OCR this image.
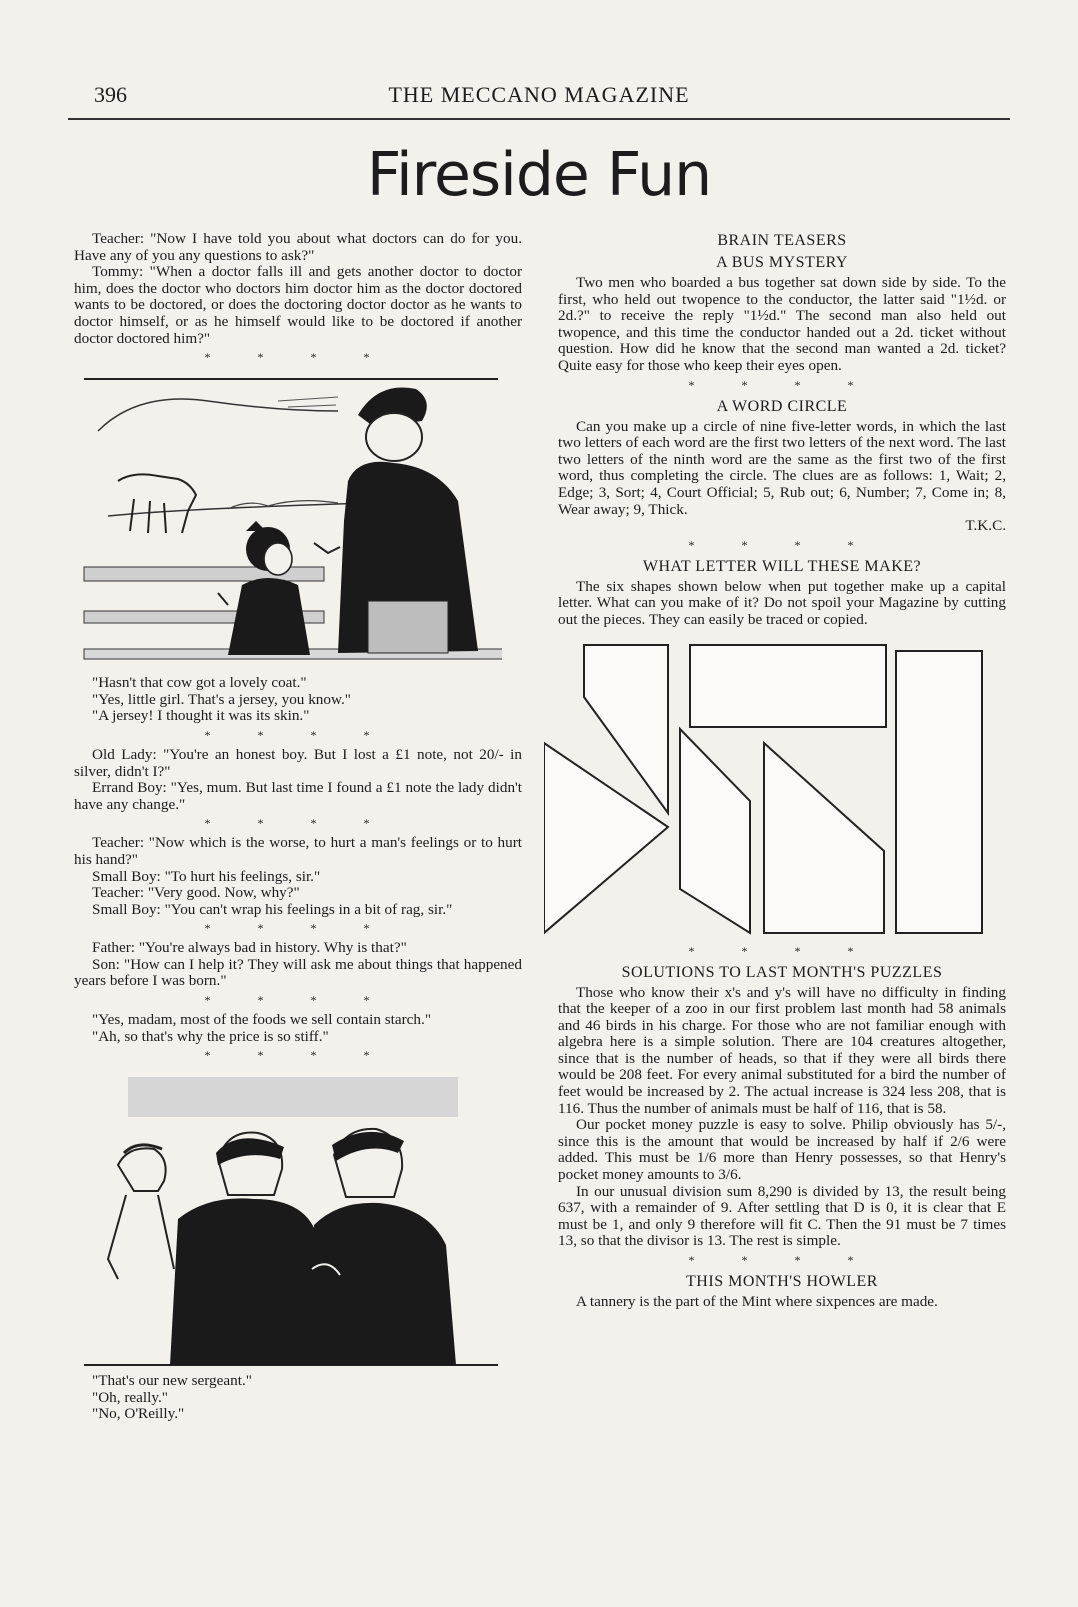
396	THE MECCANO MAGAZINE
Fireside Fun

Teacher: "Now I have told you about what doctors can do for you. Have any of you any questions to ask?"

Tommy: "When a doctor falls ill and gets another doctor to doctor him, does the doctor who doctors him doctor him as the doctor doctored wants to be doctored, or does the doctoring doctor doctor as he wants to doctor himself, or as he himself would like to be doctored if another doctor doctored him?"

* * * *

"Hasn't that cow got a lovely coat."

"Yes, little girl. That's a jersey, you know."

"A jersey! I thought it was its skin."

* * * *

Old Lady: "You're an honest boy. But I lost a £1 note, not 20/- in silver, didn't I?"

Errand Boy: "Yes, mum. But last time I found a £1 note the lady didn't have any change."

* * * *

Teacher: "Now which is the worse, to hurt a man's feelings or to hurt his hand?"

Small Boy: "To hurt his feelings, sir."

Teacher: "Very good. Now, why?"

Small Boy: "You can't wrap his feelings in a bit of rag, sir."

* * * *

Father: "You're always bad in history. Why is that?"

Son: "How can I help it? They will ask me about things that happened years before I was born."

* * * *

"Yes, madam, most of the foods we sell contain starch."

"Ah, so that's why the price is so stiff."

* * * *

"That's our new sergeant."

"Oh, really."

"No, O'Reilly."

BRAIN TEASERS
A BUS MYSTERY

Two men who boarded a bus together sat down side by side. To the first, who held out twopence to the conductor, the latter said "1½d. or 2d.?" to receive the reply "1½d." The second man also held out twopence, and this time the conductor handed out a 2d. ticket without question. How did he know that the second man wanted a 2d. ticket? Quite easy for those who keep their eyes open.

* * * *
A WORD CIRCLE

Can you make up a circle of nine five-letter words, in which the last two letters of each word are the first two letters of the next word. The last two letters of the ninth word are the same as the first two of the first word, thus completing the circle. The clues are as follows: 1, Wait; 2, Edge; 3, Sort; 4, Court Official; 5, Rub out; 6, Number; 7, Come in; 8, Wear away; 9, Thick.

T.K.C.

* * * *
WHAT LETTER WILL THESE MAKE?

The six shapes shown below when put together make up a capital letter. What can you make of it? Do not spoil your Magazine by cutting out the pieces. They can easily be traced or copied.

* * * *
SOLUTIONS TO LAST MONTH'S PUZZLES

Those who know their x's and y's will have no difficulty in finding that the keeper of a zoo in our first problem last month had 58 animals and 46 birds in his charge. For those who are not familiar enough with algebra here is a simple solution. There are 104 creatures altogether, since that is the number of heads, so that if they were all birds there would be 208 feet. For every animal substituted for a bird the number of feet would be increased by 2. The actual increase is 324 less 208, that is 116. Thus the number of animals must be half of 116, that is 58.

Our pocket money puzzle is easy to solve. Philip obviously has 5/-, since this is the amount that would be increased by half if 2/6 were added. This must be 1/6 more than Henry possesses, so that Henry's pocket money amounts to 3/6.

In our unusual division sum 8,290 is divided by 13, the result being 637, with a remainder of 9. After settling that D is 0, it is clear that E must be 1, and only 9 therefore will fit C. Then the 91 must be 7 times 13, so that the divisor is 13. The rest is simple.

* * * *
THIS MONTH'S HOWLER

A tannery is the part of the Mint where sixpences are made.
